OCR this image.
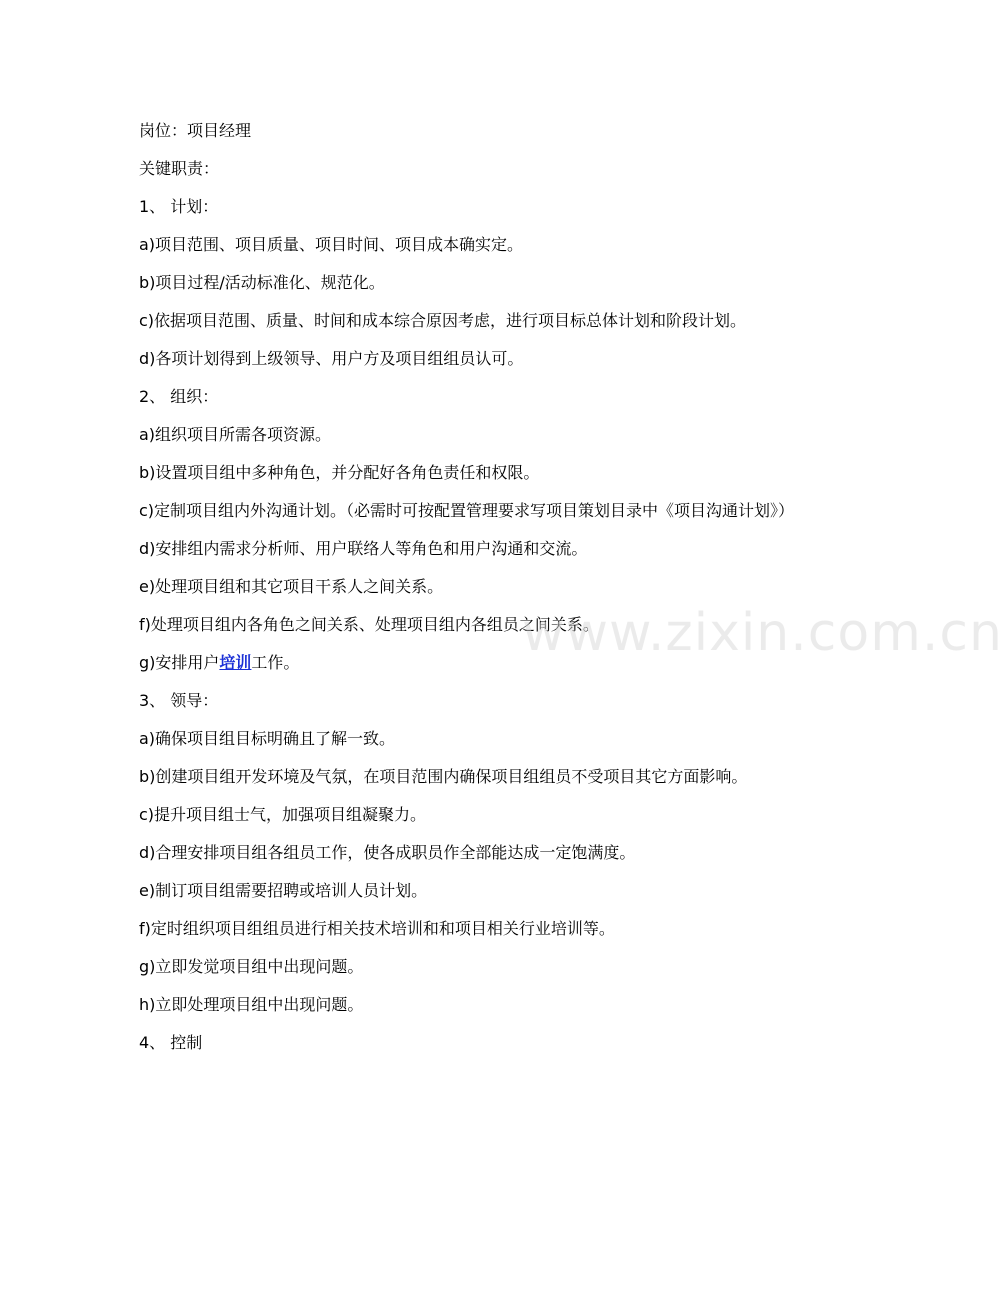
岗位：项目经理
关键职责：
1、 计划：
a)项目范围、项目质量、项目时间、项目成本确实定。
b)项目过程/活动标准化、规范化。
c)依据项目范围、质量、时间和成本综合原因考虑，进行项目标总体计划和阶段计划。
d)各项计划得到上级领导、用户方及项目组组员认可。
2、 组织：
a)组织项目所需各项资源。
b)设置项目组中多种角色，并分配好各角色责任和权限。
c)定制项目组内外沟通计划。（必需时可按配置管理要求写项目策划目录中《项目沟通计划》）
d)安排组内需求分析师、用户联络人等角色和用户沟通和交流。
e)处理项目组和其它项目干系人之间关系。
f)处理项目组内各角色之间关系、处理项目组内各组员之间关系。
g)安排用户培训工作。
3、 领导：
a)确保项目组目标明确且了解一致。
b)创建项目组开发环境及气氛，在项目范围内确保项目组组员不受项目其它方面影响。
c)提升项目组士气，加强项目组凝聚力。
d)合理安排项目组各组员工作，使各成职员作全部能达成一定饱满度。
e)制订项目组需要招聘或培训人员计划。
f)定时组织项目组组员进行相关技术培训和和项目相关行业培训等。
g)立即发觉项目组中出现问题。
h)立即处理项目组中出现问题。
4、 控制
www.zixin.com.cn
